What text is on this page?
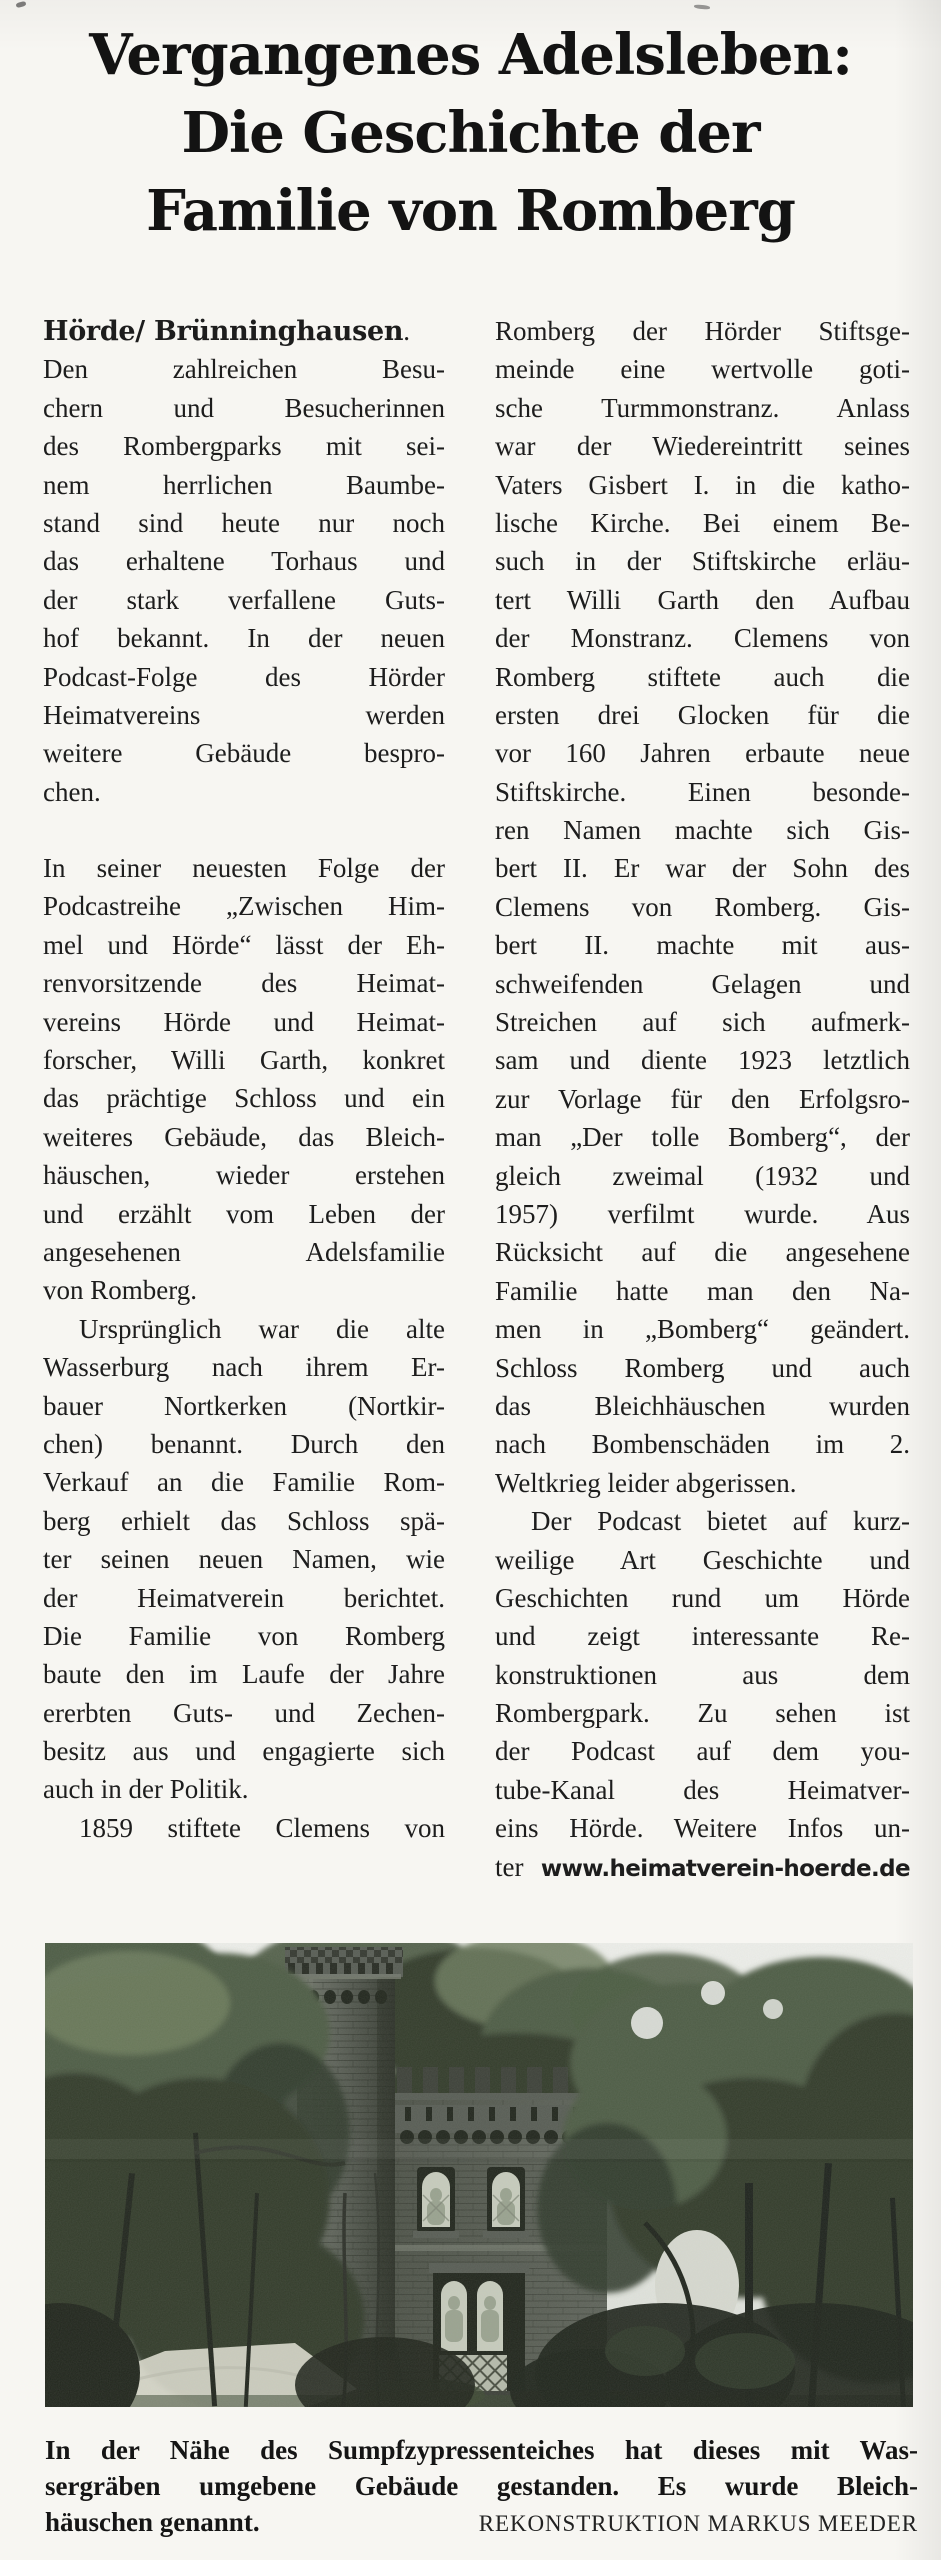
Vergangenes Adelsleben:
Die Geschichte der
Familie von Romberg
Hörde/ Brünninghausen.
Den zahlreichen Besu-
chern und Besucherinnen
des Rombergparks mit sei-
nem herrlichen Baumbe-
stand sind heute nur noch
das erhaltene Torhaus und
der stark verfallene Guts-
hof bekannt. In der neuen
Podcast-Folge des Hörder
Heimatvereins werden
weitere Gebäude bespro-
chen.
In seiner neuesten Folge der
Podcastreihe „Zwischen Him-
mel und Hörde“ lässt der Eh-
renvorsitzende des Heimat-
vereins Hörde und Heimat-
forscher, Willi Garth, konkret
das prächtige Schloss und ein
weiteres Gebäude, das Bleich-
häuschen, wieder erstehen
und erzählt vom Leben der
angesehenen Adelsfamilie
von Romberg.
Ursprünglich war die alte
Wasserburg nach ihrem Er-
bauer Nortkerken (Nortkir-
chen) benannt. Durch den
Verkauf an die Familie Rom-
berg erhielt das Schloss spä-
ter seinen neuen Namen, wie
der Heimatverein berichtet.
Die Familie von Romberg
baute den im Laufe der Jahre
ererbten Guts- und Zechen-
besitz aus und engagierte sich
auch in der Politik.
1859 stiftete Clemens von
Romberg der Hörder Stiftsge-
meinde eine wertvolle goti-
sche Turmmonstranz. Anlass
war der Wiedereintritt seines
Vaters Gisbert I. in die katho-
lische Kirche. Bei einem Be-
such in der Stiftskirche erläu-
tert Willi Garth den Aufbau
der Monstranz. Clemens von
Romberg stiftete auch die
ersten drei Glocken für die
vor 160 Jahren erbaute neue
Stiftskirche. Einen besonde-
ren Namen machte sich Gis-
bert II. Er war der Sohn des
Clemens von Romberg. Gis-
bert II. machte mit aus-
schweifenden Gelagen und
Streichen auf sich aufmerk-
sam und diente 1923 letztlich
zur Vorlage für den Erfolgsro-
man „Der tolle Bomberg“, der
gleich zweimal (1932 und
1957) verfilmt wurde. Aus
Rücksicht auf die angesehene
Familie hatte man den Na-
men in „Bomberg“ geändert.
Schloss Romberg und auch
das Bleichhäuschen wurden
nach Bombenschäden im 2.
Weltkrieg leider abgerissen.
Der Podcast bietet auf kurz-
weilige Art Geschichte und
Geschichten rund um Hörde
und zeigt interessante Re-
konstruktionen aus dem
Rombergpark. Zu sehen ist
der Podcast auf dem you-
tube-Kanal des Heimatver-
eins Hörde. Weitere Infos un-
ter www.heimatverein-hoerde.de
In der Nähe des Sumpfzypressenteiches hat dieses mit Was-
sergräben umgebene Gebäude gestanden. Es wurde Bleich-
häuschen genannt.	REKONSTRUKTION MARKUS MEEDER
